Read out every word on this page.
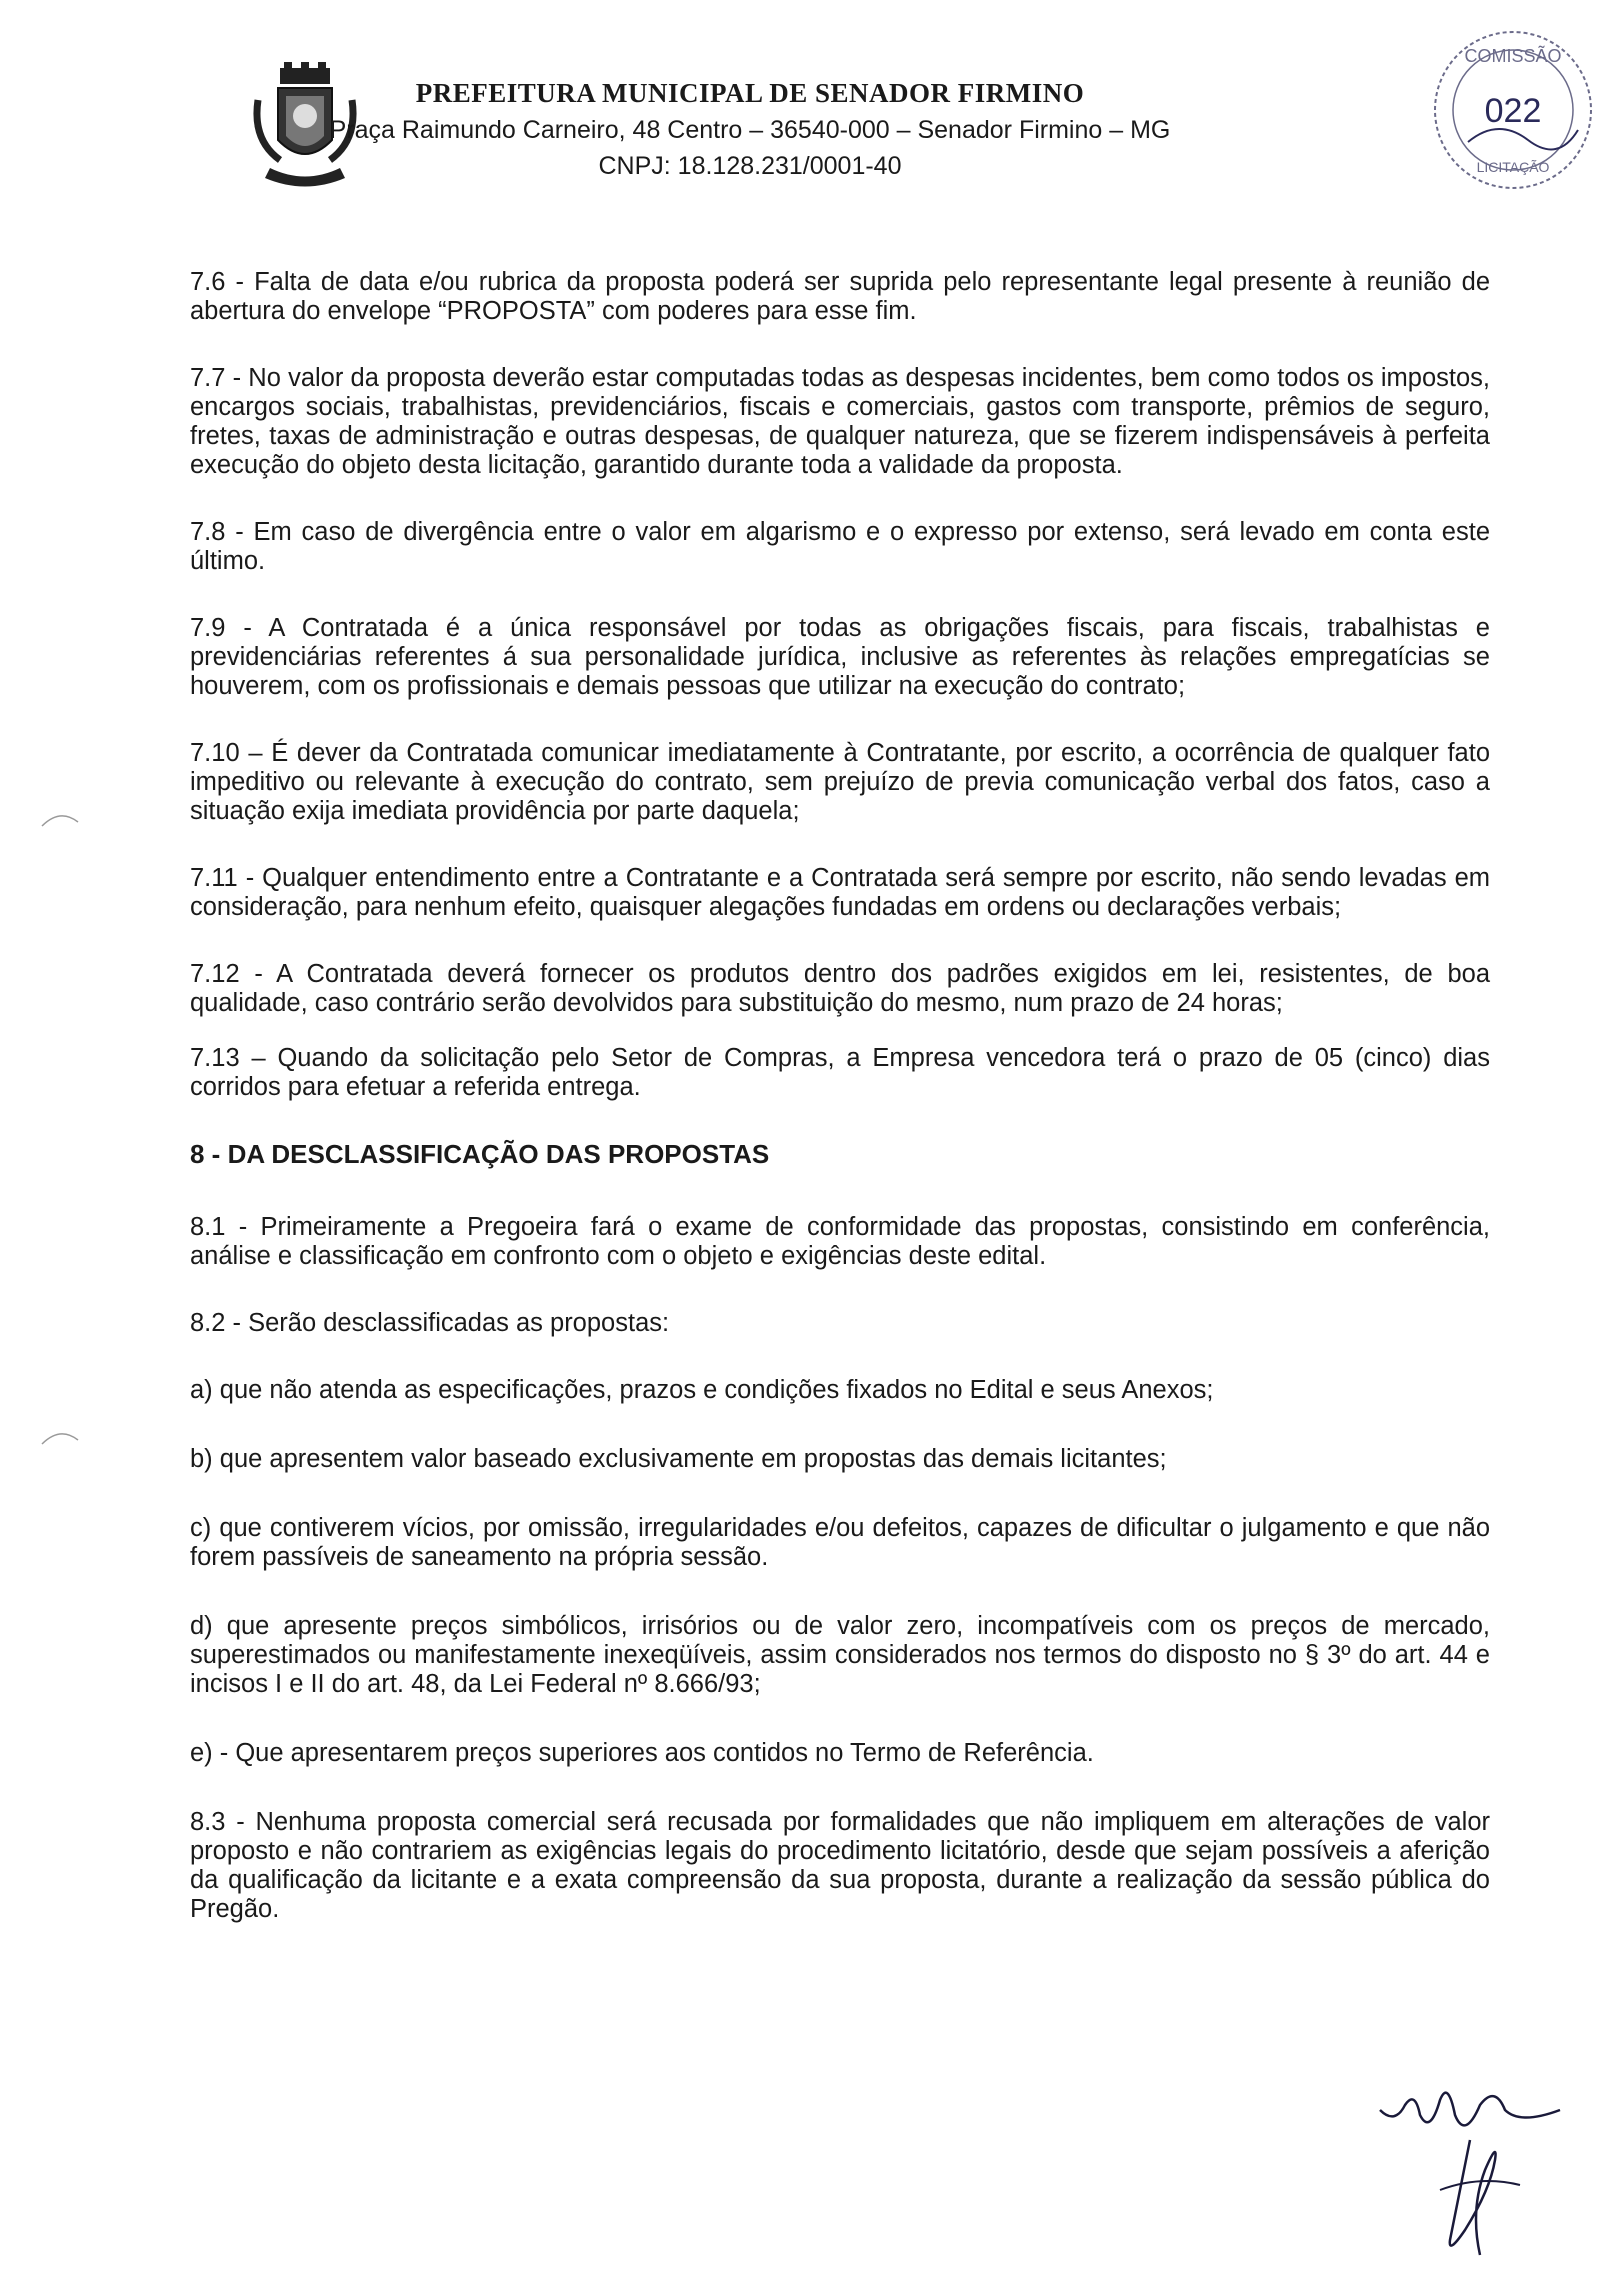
PREFEITURA MUNICIPAL DE SENADOR FIRMINO
Praça Raimundo Carneiro, 48 Centro – 36540-000 – Senador Firmino – MG
CNPJ: 18.128.231/0001-40
COMISSÃO
022
LICITAÇÃO

7.6 - Falta de data e/ou rubrica da proposta poderá ser suprida pelo representante legal presente à reunião de abertura do envelope “PROPOSTA” com poderes para esse fim.

7.7 - No valor da proposta deverão estar computadas todas as despesas incidentes, bem como todos os impostos, encargos sociais, trabalhistas, previdenciários, fiscais e comerciais, gastos com transporte, prêmios de seguro, fretes, taxas de administração e outras despesas, de qualquer natureza, que se fizerem indispensáveis à perfeita execução do objeto desta licitação, garantido durante toda a validade da proposta.

7.8 - Em caso de divergência entre o valor em algarismo e o expresso por extenso, será levado em conta este último.

7.9 - A Contratada é a única responsável por todas as obrigações fiscais, para fiscais, trabalhistas e previdenciárias referentes á sua personalidade jurídica, inclusive as referentes às relações empregatícias se houverem, com os profissionais e demais pessoas que utilizar na execução do contrato;

7.10 – É dever da Contratada comunicar imediatamente à Contratante, por escrito, a ocorrência de qualquer fato impeditivo ou relevante à execução do contrato, sem prejuízo de previa comunicação verbal dos fatos, caso a situação exija imediata providência por parte daquela;

7.11 - Qualquer entendimento entre a Contratante e a Contratada será sempre por escrito, não sendo levadas em consideração, para nenhum efeito, quaisquer alegações fundadas em ordens ou declarações verbais;

7.12 - A Contratada deverá fornecer os produtos dentro dos padrões exigidos em lei, resistentes, de boa qualidade, caso contrário serão devolvidos para substituição do mesmo, num prazo de 24 horas;

7.13 – Quando da solicitação pelo Setor de Compras, a Empresa vencedora terá o prazo de 05 (cinco) dias corridos para efetuar a referida entrega.

8 - DA DESCLASSIFICAÇÃO DAS PROPOSTAS

8.1 - Primeiramente a Pregoeira fará o exame de conformidade das propostas, consistindo em conferência, análise e classificação em confronto com o objeto e exigências deste edital.

8.2 - Serão desclassificadas as propostas:

a) que não atenda as especificações, prazos e condições fixados no Edital e seus Anexos;

b) que apresentem valor baseado exclusivamente em propostas das demais licitantes;

c) que contiverem vícios, por omissão, irregularidades e/ou defeitos, capazes de dificultar o julgamento e que não forem passíveis de saneamento na própria sessão.

d) que apresente preços simbólicos, irrisórios ou de valor zero, incompatíveis com os preços de mercado, superestimados ou manifestamente inexeqüíveis, assim considerados nos termos do disposto no § 3º do art. 44 e incisos I e II do art. 48, da Lei Federal nº 8.666/93;

e) - Que apresentarem preços superiores aos contidos no Termo de Referência.

8.3 - Nenhuma proposta comercial será recusada por formalidades que não impliquem em alterações de valor proposto e não contrariem as exigências legais do procedimento licitatório, desde que sejam possíveis a aferição da qualificação da licitante e a exata compreensão da sua proposta, durante a realização da sessão pública do Pregão.
